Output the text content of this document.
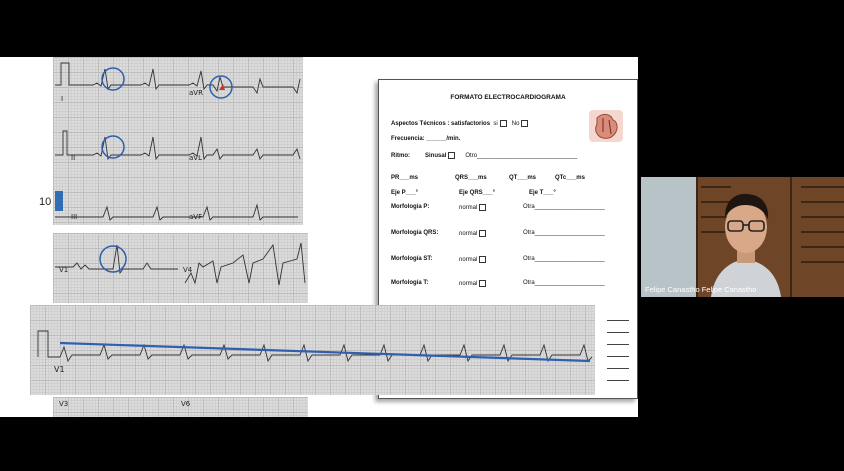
I
aVR
II	aVL
III	aVF
10
V1	V4
V3	V6
FORMATO ELECTROCARDIOGRAMA
Aspectos Técnicos : satisfactorios si No
Frecuencia: ______/min.
Ritmo:	Sinusal	Otro______________________________
PR___ms	QRS___ms	QT___ms	QTc___ms
Eje P___°	Eje QRS___°	Eje T___°
Morfología P:	normal	Otra_____________________
Morfología QRS:	normal	Otra_____________________
Morfología ST:	normal	Otra_____________________
Morfología T:	normal	Otra_____________________
V1
Felipe Canastho Felipe Canastho
